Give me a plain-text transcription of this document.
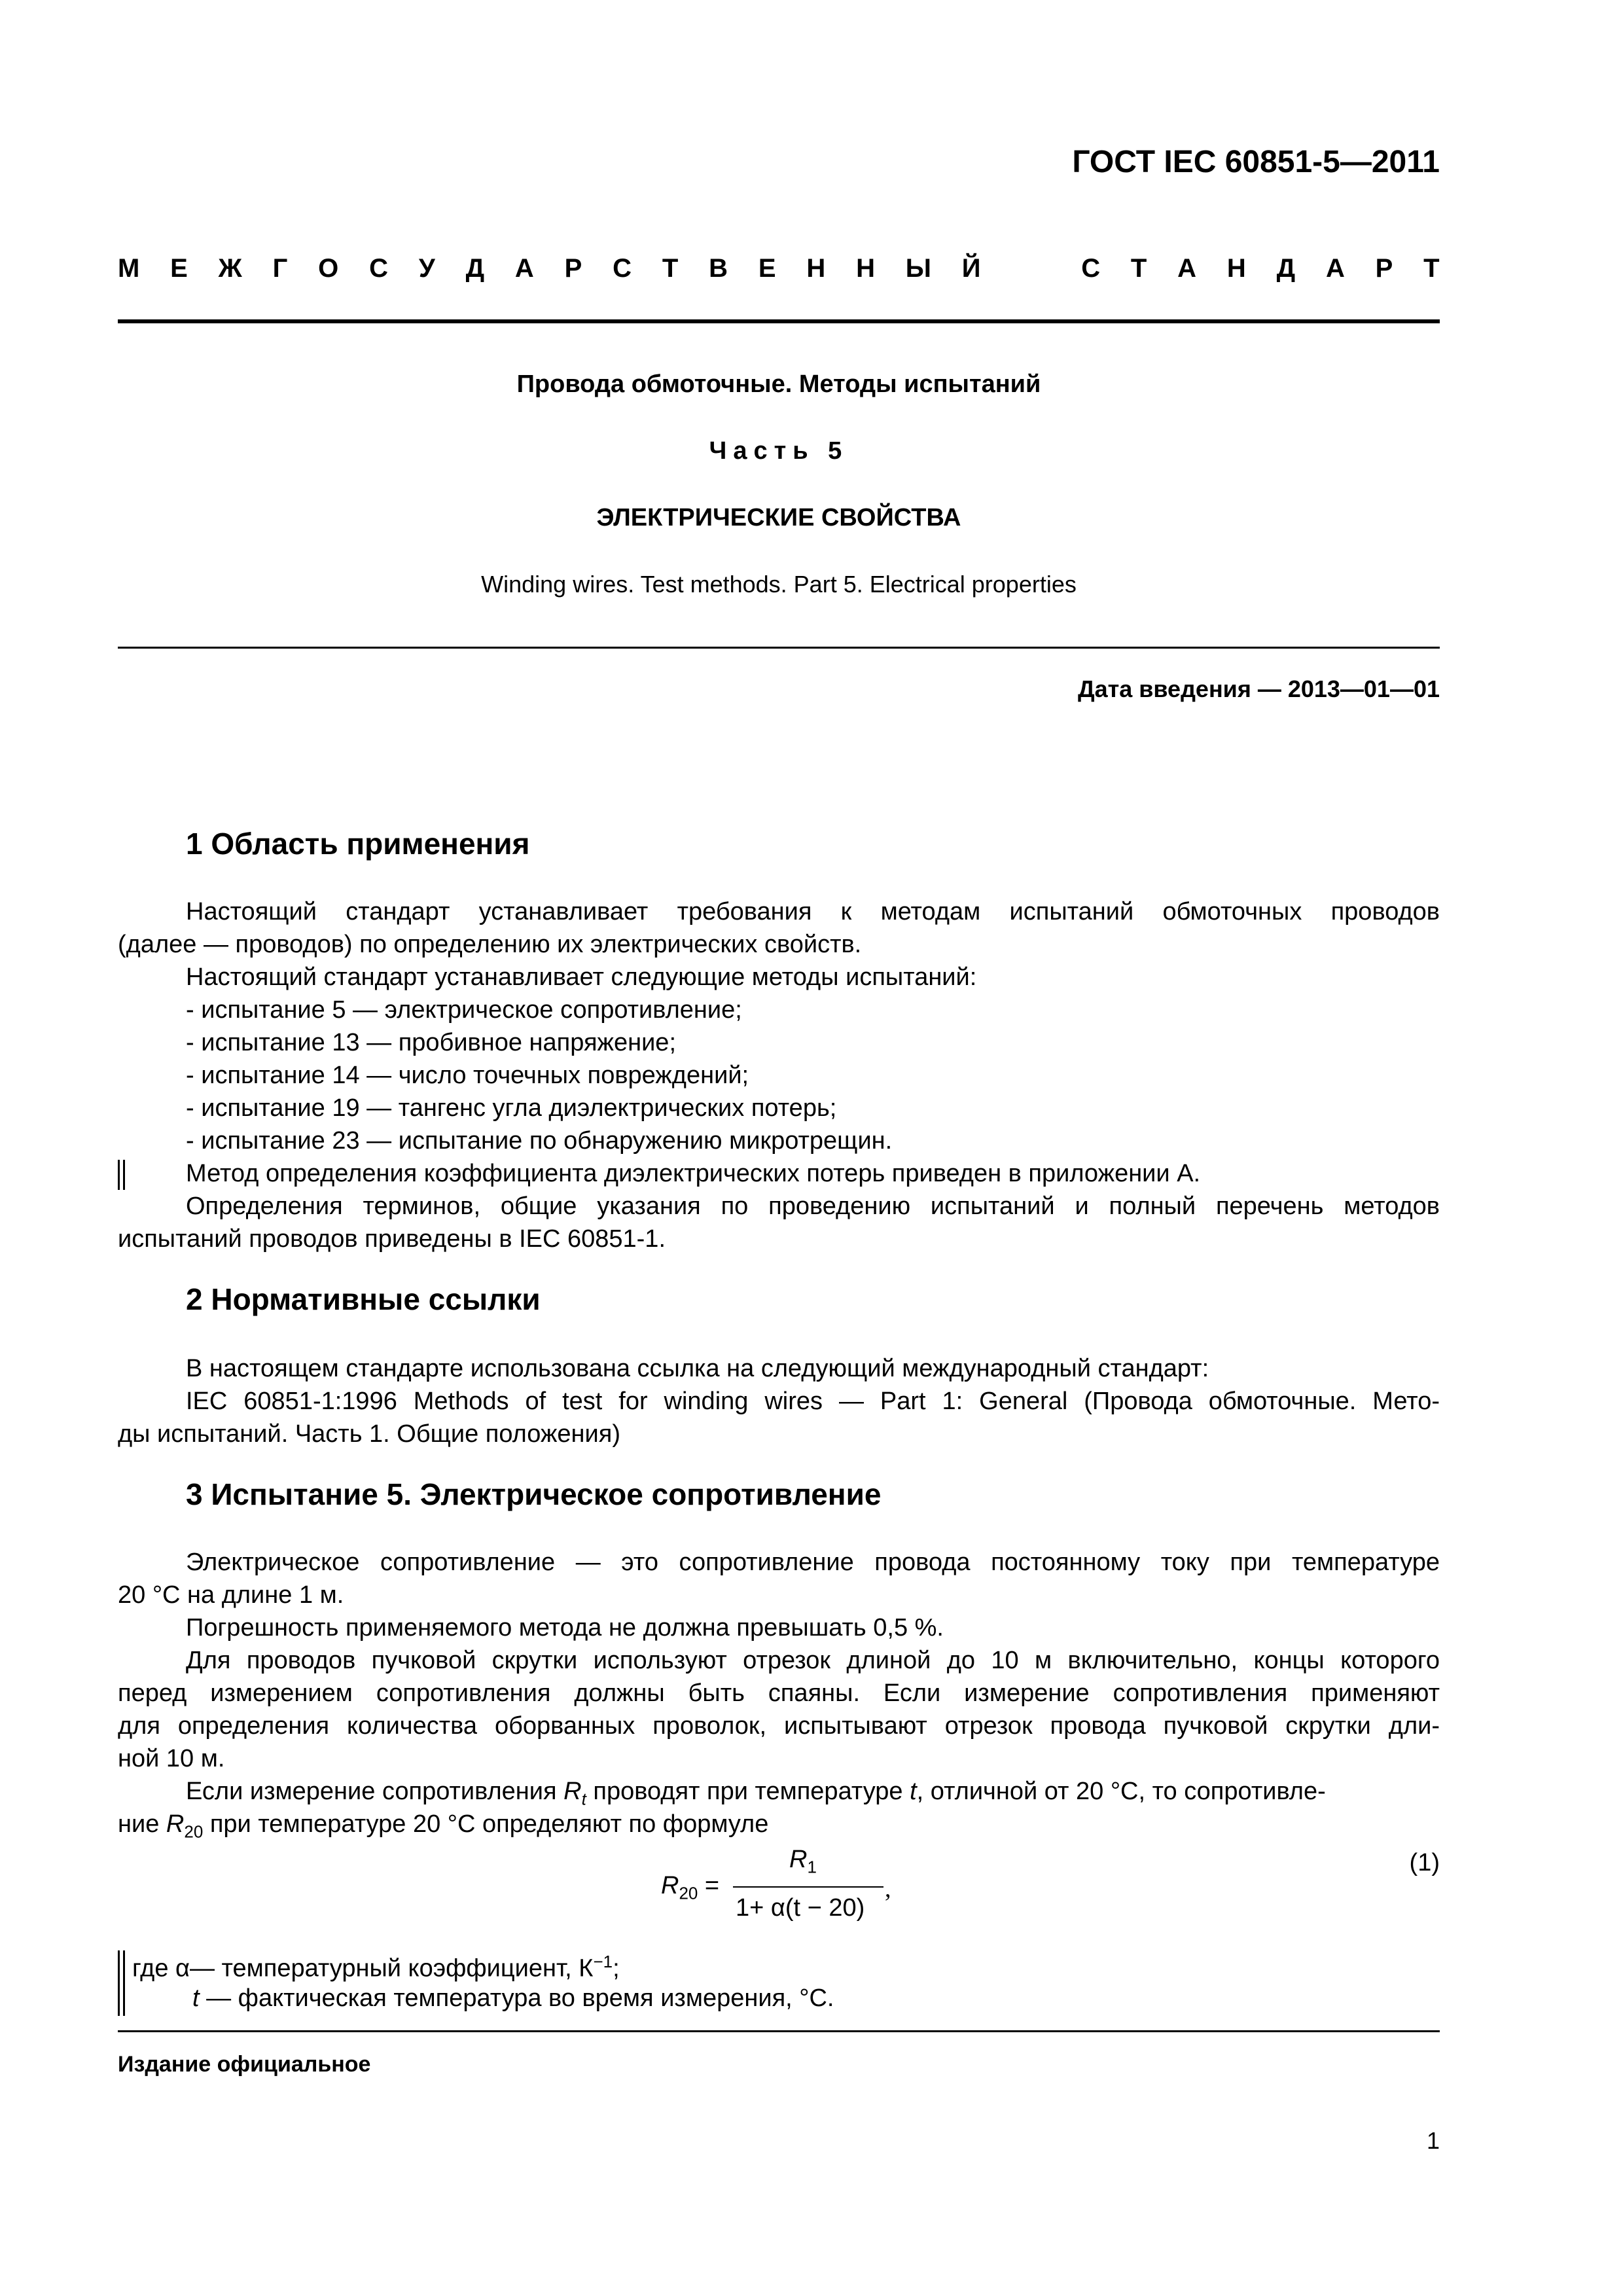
ГОСТ IEC 60851-5—2011
М Е Ж Г О С У Д А Р С Т В Е Н Н Ы Й	С Т А Н Д А Р Т
Провода обмоточные. Методы испытаний
Часть 5
ЭЛЕКТРИЧЕСКИЕ СВОЙСТВА
Winding wires. Test methods. Part 5. Electrical properties
Дата введения — 2013—01—01
1 Область применения
Настоящий стандарт устанавливает требования к методам испытаний обмоточных проводов
(далее — проводов) по определению их электрических свойств.
Настоящий стандарт устанавливает следующие методы испытаний:
- испытание 5 — электрическое сопротивление;
- испытание 13 — пробивное напряжение;
- испытание 14 — число точечных повреждений;
- испытание 19 — тангенс угла диэлектрических потерь;
- испытание 23 — испытание по обнаружению микротрещин.
Метод определения коэффициента диэлектрических потерь приведен в приложении А.
Определения терминов, общие указания по проведению испытаний и полный перечень методов
испытаний проводов приведены в IEC 60851-1.
2 Нормативные ссылки
В настоящем стандарте использована ссылка на следующий международный стандарт:
IEC 60851-1:1996 Methods of test for winding wires — Part 1: General (Провода обмоточные. Мето-
ды испытаний. Часть 1. Общие положения)
3 Испытание 5. Электрическое сопротивление
Электрическое сопротивление — это сопротивление провода постоянному току при температуре
20 °С на длине 1 м.
Погрешность применяемого метода не должна превышать 0,5 %.
Для проводов пучковой скрутки используют отрезок длиной до 10 м включительно, концы которого
перед измерением сопротивления должны быть спаяны. Если измерение сопротивления применяют
для определения количества оборванных проволок, испытывают отрезок провода пучковой скрутки дли-
ной 10 м.
Если измерение сопротивления $R_t$ проводят при температуре t, отличной от 20 °С, то сопротивле-
ние $R_{20}$ при температуре 20 °С определяют по формуле
$R_{20}$ =
$R_1$
1+ α(t − 20)
,
(1)
где α— температурный коэффициент, $К^{-1}$;
t — фактическая температура во время измерения, °С.
Издание официальное
1
